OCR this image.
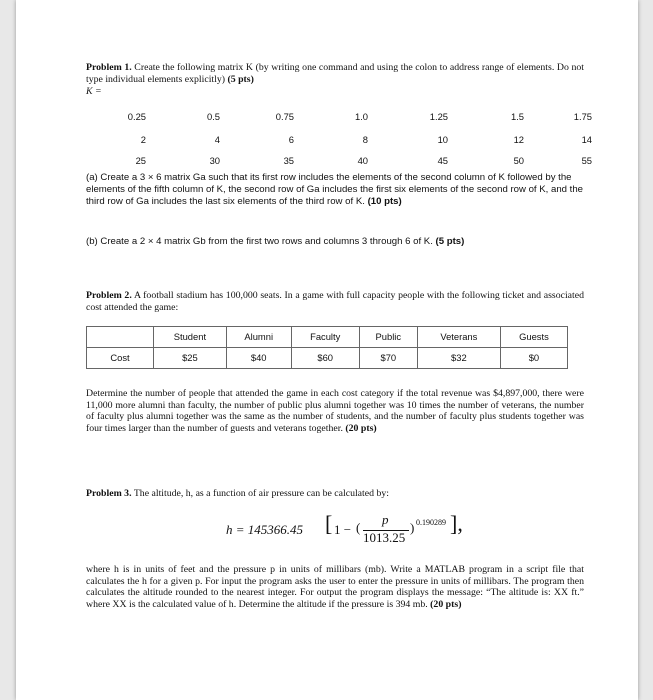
Problem 1. Create the following matrix K (by writing one command and using the colon to address range of elements. Do not type individual elements explicitly) (5 pts)
K =
0.25	0.5	0.75	1.0	1.25	1.5	1.75
2	4	6	8	10	12	14
25	30	35	40	45	50	55
(a) Create a 3 × 6 matrix Ga such that its first row includes the elements of the second column of K followed by the elements of the fifth column of K, the second row of Ga includes the first six elements of the second row of K, and the third row of Ga includes the last six elements of the third row of K. (10 pts)
(b) Create a 2 × 4 matrix Gb from the first two rows and columns 3 through 6 of K. (5 pts)
Problem 2. A football stadium has 100,000 seats. In a game with full capacity people with the following ticket and associated cost attended the game:
	Student	Alumni	Faculty	Public	Veterans	Guests
Cost	$25	$40	$60	$70	$32	$0
Determine the number of people that attended the game in each cost category if the total revenue was $4,897,000, there were 11,000 more alumni than faculty, the number of public plus alumni together was 10 times the number of veterans, the number of faculty plus alumni together was the same as the number of students, and the number of faculty plus students together was four times larger than the number of guests and veterans together. (20 pts)
Problem 3. The altitude, h, as a function of air pressure can be calculated by:
h = 145366.45 [ 1 − (
p
1013.25
) 0.190289 ],
where h is in units of feet and the pressure p in units of millibars (mb). Write a MATLAB program in a script file that calculates the h for a given p. For input the program asks the user to enter the pressure in units of millibars. The program then calculates the altitude rounded to the nearest integer. For output the program displays the message: “The altitude is: XX ft.” where XX is the calculated value of h. Determine the altitude if the pressure is 394 mb. (20 pts)
